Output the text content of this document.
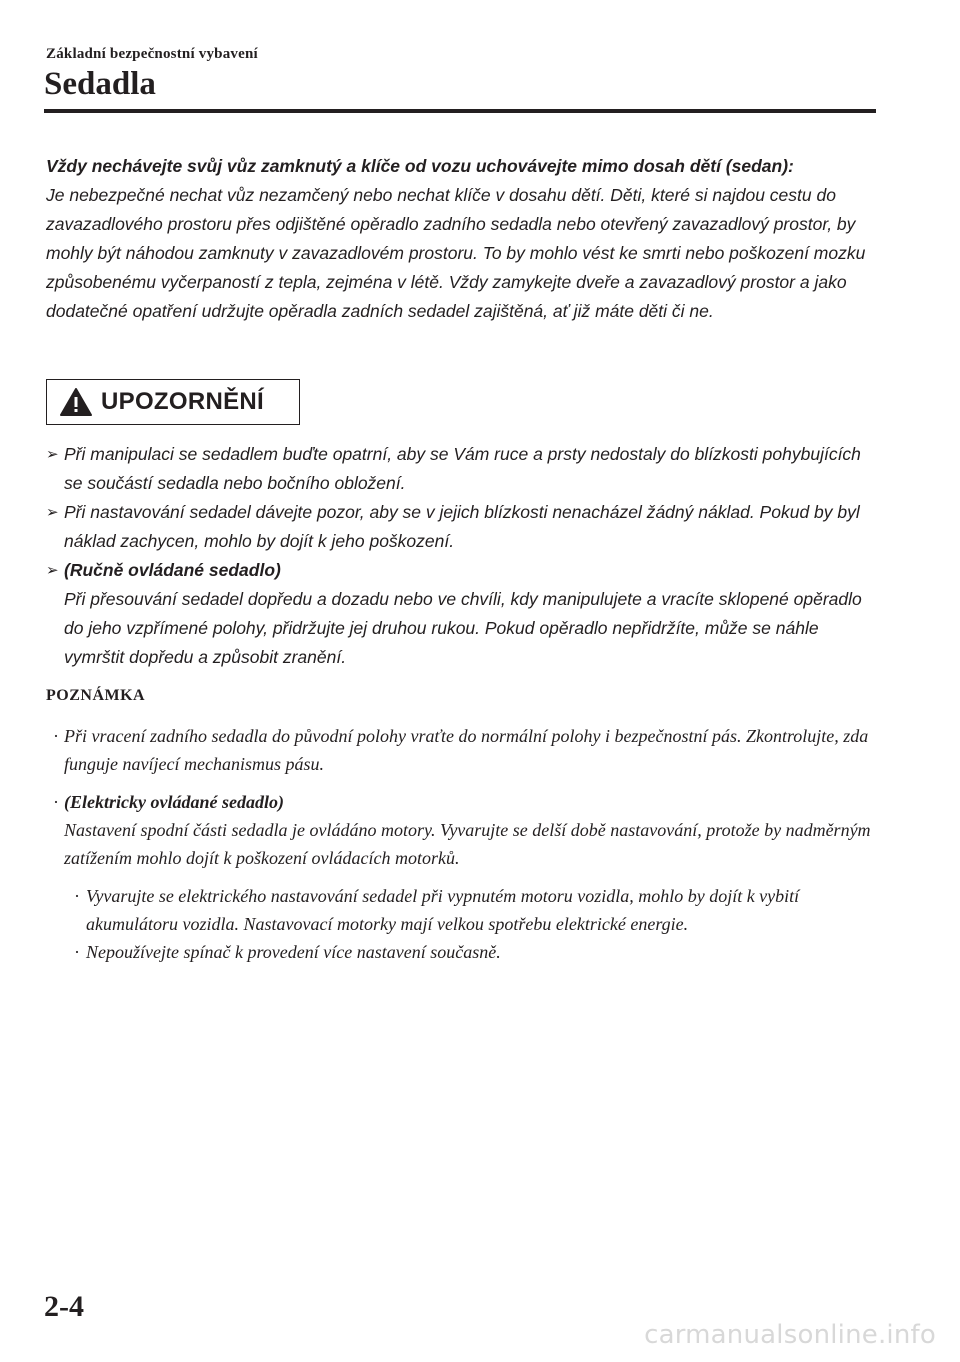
Základní bezpečnostní vybavení
Sedadla
Vždy nechávejte svůj vůz zamknutý a klíče od vozu uchovávejte mimo dosah dětí (sedan):
Je nebezpečné nechat vůz nezamčený nebo nechat klíče v dosahu dětí. Děti, které si najdou cestu do zavazadlového prostoru přes odjištěné opěradlo zadního sedadla nebo otevřený zavazadlový prostor, by mohly být náhodou zamknuty v zavazadlovém prostoru. To by mohlo vést ke smrti nebo poškození mozku způsobenému vyčerpaností z tepla, zejména v létě. Vždy zamykejte dveře a zavazadlový prostor a jako dodatečné opatření udržujte opěradla zadních sedadel zajištěná, ať již máte děti či ne.
UPOZORNĚNÍ
➢ Při manipulaci se sedadlem buďte opatrní, aby se Vám ruce a prsty nedostaly do blízkosti pohybujících se součástí sedadla nebo bočního obložení.
➢ Při nastavování sedadel dávejte pozor, aby se v jejich blízkosti nenacházel žádný náklad. Pokud by byl náklad zachycen, mohlo by dojít k jeho poškození.
➢ (Ručně ovládané sedadlo)
Při přesouvání sedadel dopředu a dozadu nebo ve chvíli, kdy manipulujete a vracíte sklopené opěradlo do jeho vzpřímené polohy, přidržujte jej druhou rukou. Pokud opěradlo nepřidržíte, může se náhle vymrštit dopředu a způsobit zranění.
POZNÁMKA
· Při vracení zadního sedadla do původní polohy vraťte do normální polohy i bezpečnostní pás. Zkontrolujte, zda funguje navíjecí mechanismus pásu.
· (Elektricky ovládané sedadlo)
Nastavení spodní části sedadla je ovládáno motory. Vyvarujte se delší době nastavování, protože by nadměrným zatížením mohlo dojít k poškození ovládacích motorků.
· Vyvarujte se elektrického nastavování sedadel při vypnutém motoru vozidla, mohlo by dojít k vybití akumulátoru vozidla. Nastavovací motorky mají velkou spotřebu elektrické energie.
· Nepoužívejte spínač k provedení více nastavení současně.
2-4
carmanualsonline.info
